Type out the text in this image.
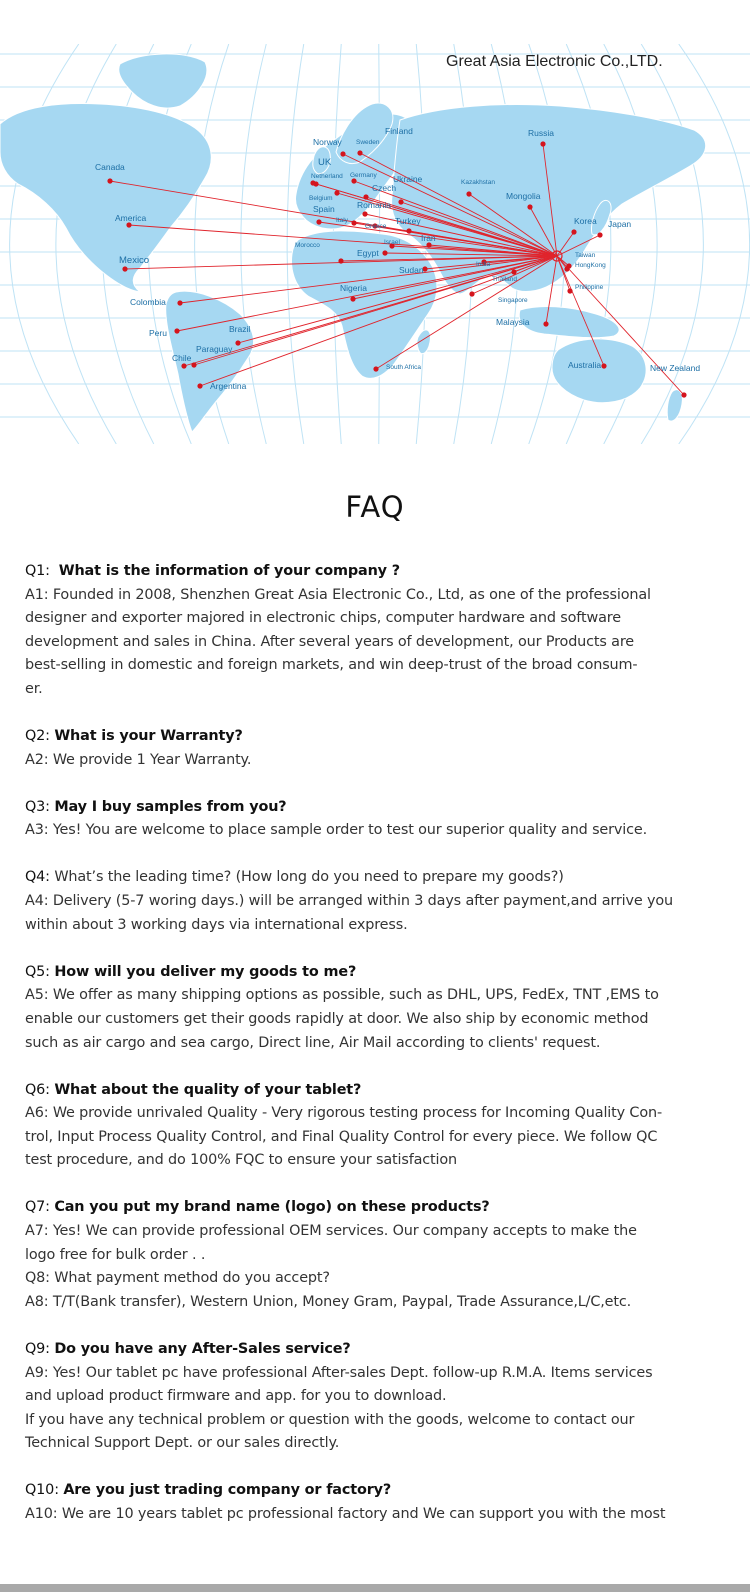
Norway Sweden
Finland	Russia
UK
Netherland Germany Ukraine	Kazakhstan
Czech
Belgium	Mongolia
Spain	Romania
Italy	Turkey
Greece
Korea Japan
Iran
Israel
Morocco
Egypt	Taiwan
India	HongKong
Sudan
Thailand
Philippine
Nigeria
Singapore
Malaysia
South Africa	Australia	New Zealand
Canada
America
Mexico
Colombia
Brazil
Peru
Paraguay
Chile
Argentina
Great Asia Electronic Co.,LTD.
FAQ
Q1:  What is the information of your company ?
A1: Founded in 2008, Shenzhen Great Asia Electronic Co., Ltd, as one of the professional
designer and exporter majored in electronic chips, computer hardware and software
development and sales in China. After several years of development, our Products are
best-selling in domestic and foreign markets, and win deep-trust of the broad consum-
er.
Q2: What is your Warranty?
A2: We provide 1 Year Warranty.
Q3: May I buy samples from you?
A3: Yes! You are welcome to place sample order to test our superior quality and service.
Q4: What’s the leading time? (How long do you need to prepare my goods?)
A4: Delivery (5-7 woring days.) will be arranged within 3 days after payment,and arrive you
within about 3 working days via international express.
Q5: How will you deliver my goods to me?
A5: We offer as many shipping options as possible, such as DHL, UPS, FedEx, TNT ,EMS to
enable our customers get their goods rapidly at door. We also ship by economic method
such as air cargo and sea cargo, Direct line, Air Mail according to clients' request.
Q6: What about the quality of your tablet?
A6: We provide unrivaled Quality - Very rigorous testing process for Incoming Quality Con-
trol, Input Process Quality Control, and Final Quality Control for every piece. We follow QC
test procedure, and do 100% FQC to ensure your satisfaction
Q7: Can you put my brand name (logo) on these products?
A7: Yes! We can provide professional OEM services. Our company accepts to make the
logo free for bulk order . .
Q8: What payment method do you accept?
A8: T/T(Bank transfer), Western Union, Money Gram, Paypal, Trade Assurance,L/C,etc.
Q9: Do you have any After-Sales service?
A9: Yes! Our tablet pc have professional After-sales Dept. follow-up R.M.A. Items services
and upload product firmware and app. for you to download.
If you have any technical problem or question with the goods, welcome to contact our
Technical Support Dept. or our sales directly.
Q10: Are you just trading company or factory?
A10: We are 10 years tablet pc professional factory and We can support you with the most
